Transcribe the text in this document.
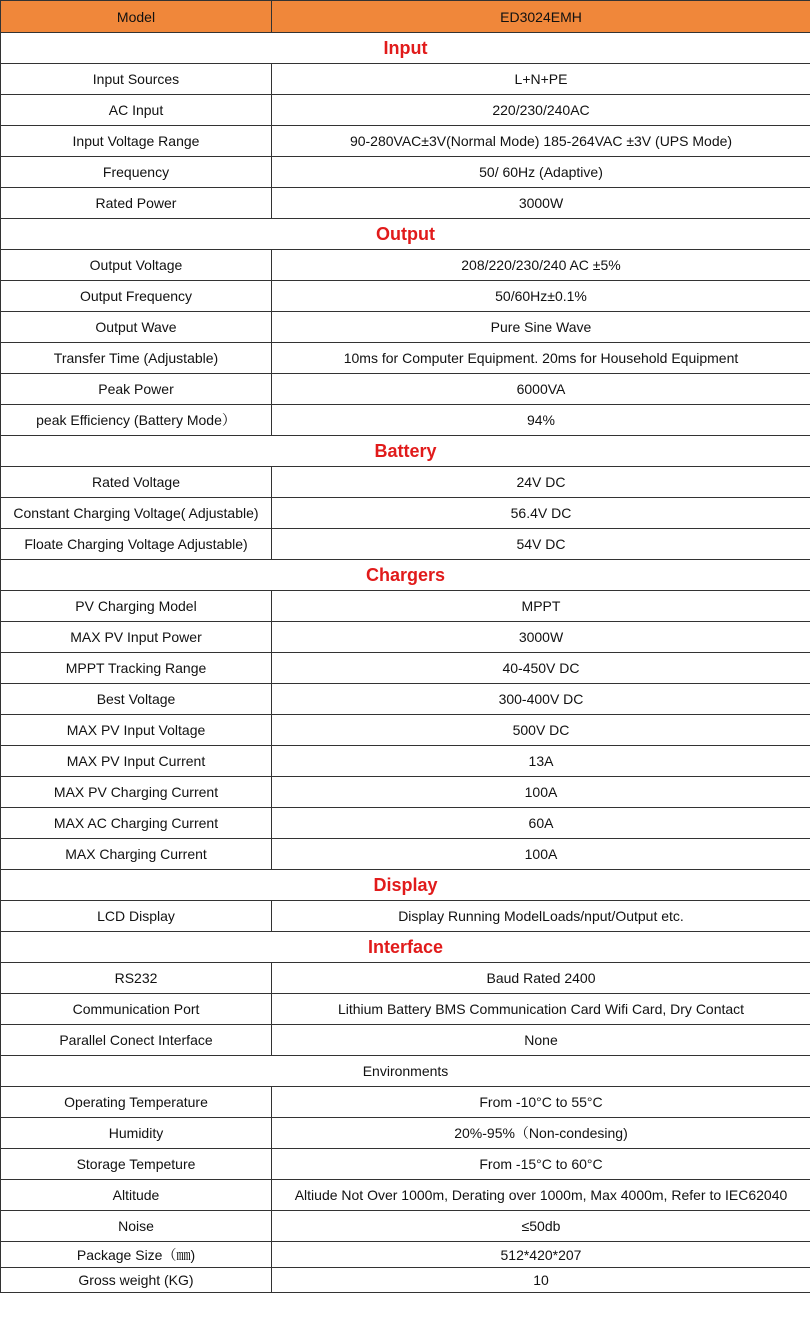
Model	ED3024EMH
Input	
Input Sources	L+N+PE
AC Input	220/230/240AC
Input Voltage Range	90-280VAC±3V(Normal Mode) 185-264VAC ±3V (UPS Mode)
Frequency	50/ 60Hz (Adaptive)
Rated Power	3000W
Output	
Output Voltage	208/220/230/240 AC ±5%
Output Frequency	50/60Hz±0.1%
Output Wave	Pure Sine Wave
Transfer Time (Adjustable)	10ms for Computer Equipment. 20ms for Household Equipment
Peak Power	6000VA
peak Efficiency (Battery Mode）	94%
Battery	
Rated Voltage	24V DC
Constant Charging Voltage( Adjustable)	56.4V DC
Floate Charging Voltage Adjustable)	54V DC
Chargers	
PV Charging Model	MPPT
MAX PV Input Power	3000W
MPPT Tracking Range	40-450V DC
Best Voltage	300-400V DC
MAX PV Input Voltage	500V DC
MAX PV Input Current	13A
MAX PV Charging Current	100A
MAX AC Charging Current	60A
MAX Charging Current	100A
Display	
LCD Display	Display Running ModelLoads/nput/Output etc.
Interface	
RS232	Baud Rated 2400
Communication Port	Lithium Battery BMS Communication Card Wifi Card, Dry Contact
Parallel Conect Interface	None
Environments	
Operating Temperature	From -10°C to 55°C
Humidity	20%-95%（Non-condesing)
Storage Tempeture	From -15°C to 60°C
Altitude	Altiude Not Over 1000m, Derating over 1000m, Max 4000m, Refer to IEC62040
Noise	≤50db
Package Size（㎜)	512*420*207
Gross weight (KG)	10
